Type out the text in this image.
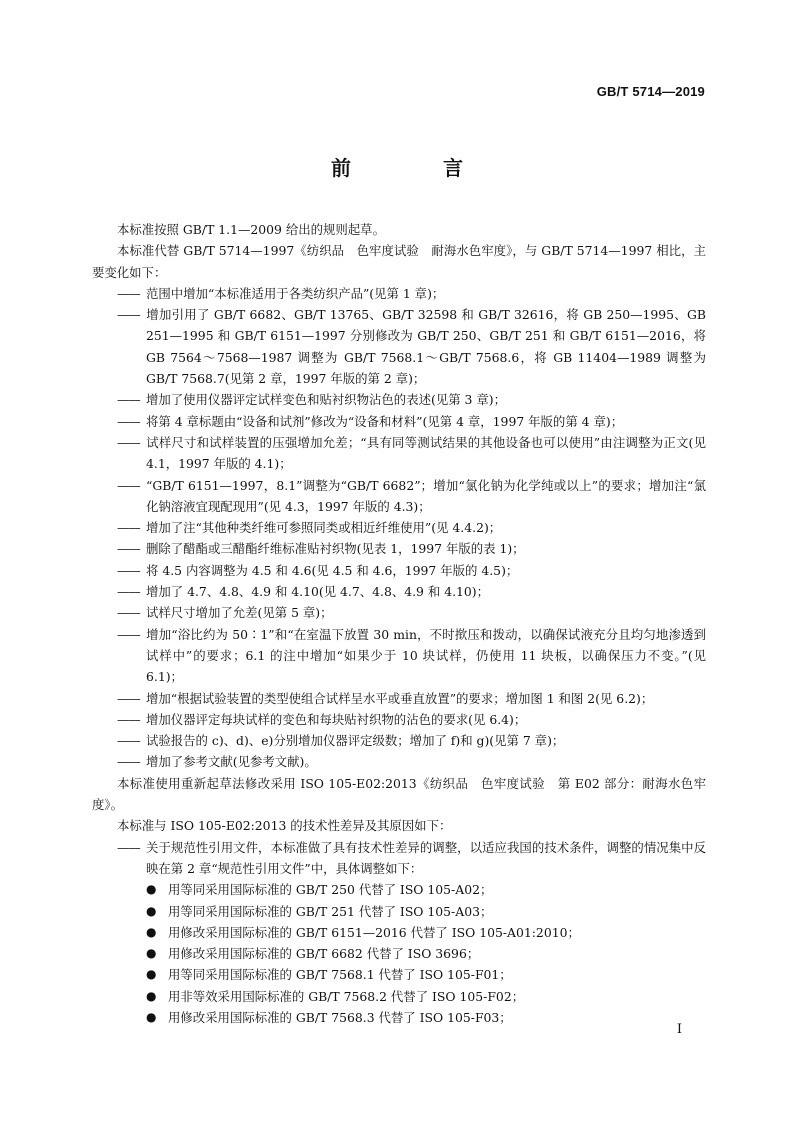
GB/T 5714—2019
前　言

本标准按照 GB/T 1.1—2009 给出的规则起草。

本标准代替 GB/T 5714—1997《纺织品　色牢度试验　耐海水色牢度》，与 GB/T 5714—1997 相比，主要变化如下：

—— 范围中增加“本标准适用于各类纺织产品”(见第 1 章)；

—— 增加引用了 GB/T 6682、GB/T 13765、GB/T 32598 和 GB/T 32616，将 GB 250—1995、GB 251—1995 和 GB/T 6151—1997 分别修改为 GB/T 250、GB/T 251 和 GB/T 6151—2016，将 GB 7564～7568—1987 调整为 GB/T 7568.1～GB/T 7568.6，将 GB 11404—1989 调整为 GB/T 7568.7(见第 2 章，1997 年版的第 2 章)；

—— 增加了使用仪器评定试样变色和贴衬织物沾色的表述(见第 3 章)；

—— 将第 4 章标题由“设备和试剂”修改为“设备和材料”(见第 4 章，1997 年版的第 4 章)；

—— 试样尺寸和试样装置的压强增加允差；“具有同等测试结果的其他设备也可以使用”由注调整为正文(见 4.1，1997 年版的 4.1)；

—— “GB/T 6151—1997，8.1”调整为“GB/T 6682”；增加“氯化钠为化学纯或以上”的要求；增加注“氯化钠溶液宜现配现用”(见 4.3，1997 年版的 4.3)；

—— 增加了注“其他种类纤维可参照同类或相近纤维使用”(见 4.4.2)；

—— 删除了醋酯或三醋酯纤维标准贴衬织物(见表 1，1997 年版的表 1)；

—— 将 4.5 内容调整为 4.5 和 4.6(见 4.5 和 4.6，1997 年版的 4.5)；

—— 增加了 4.7、4.8、4.9 和 4.10(见 4.7、4.8、4.9 和 4.10)；

—— 试样尺寸增加了允差(见第 5 章)；

—— 增加“浴比约为 50∶1”和“在室温下放置 30 min，不时揿压和拨动，以确保试液充分且均匀地渗透到试样中”的要求；6.1 的注中增加“如果少于 10 块试样，仍使用 11 块板，以确保压力不变。”(见 6.1)；

—— 增加“根据试验装置的类型使组合试样呈水平或垂直放置”的要求；增加图 1 和图 2(见 6.2)；

—— 增加仪器评定每块试样的变色和每块贴衬织物的沾色的要求(见 6.4)；

—— 试验报告的 c)、d)、e)分别增加仪器评定级数；增加了 f)和 g)(见第 7 章)；

—— 增加了参考文献(见参考文献)。

本标准使用重新起草法修改采用 ISO 105-E02:2013《纺织品　色牢度试验　第 E02 部分：耐海水色牢度》。

本标准与 ISO 105-E02:2013 的技术性差异及其原因如下：

—— 关于规范性引用文件，本标准做了具有技术性差异的调整，以适应我国的技术条件，调整的情况集中反映在第 2 章“规范性引用文件”中，具体调整如下：

● 用等同采用国际标准的 GB/T 250 代替了 ISO 105-A02；

● 用等同采用国际标准的 GB/T 251 代替了 ISO 105-A03；

● 用修改采用国际标准的 GB/T 6151—2016 代替了 ISO 105-A01:2010；

● 用修改采用国际标准的 GB/T 6682 代替了 ISO 3696；

● 用等同采用国际标准的 GB/T 7568.1 代替了 ISO 105-F01；

● 用非等效采用国际标准的 GB/T 7568.2 代替了 ISO 105-F02；

● 用修改采用国际标准的 GB/T 7568.3 代替了 ISO 105-F03；

I
